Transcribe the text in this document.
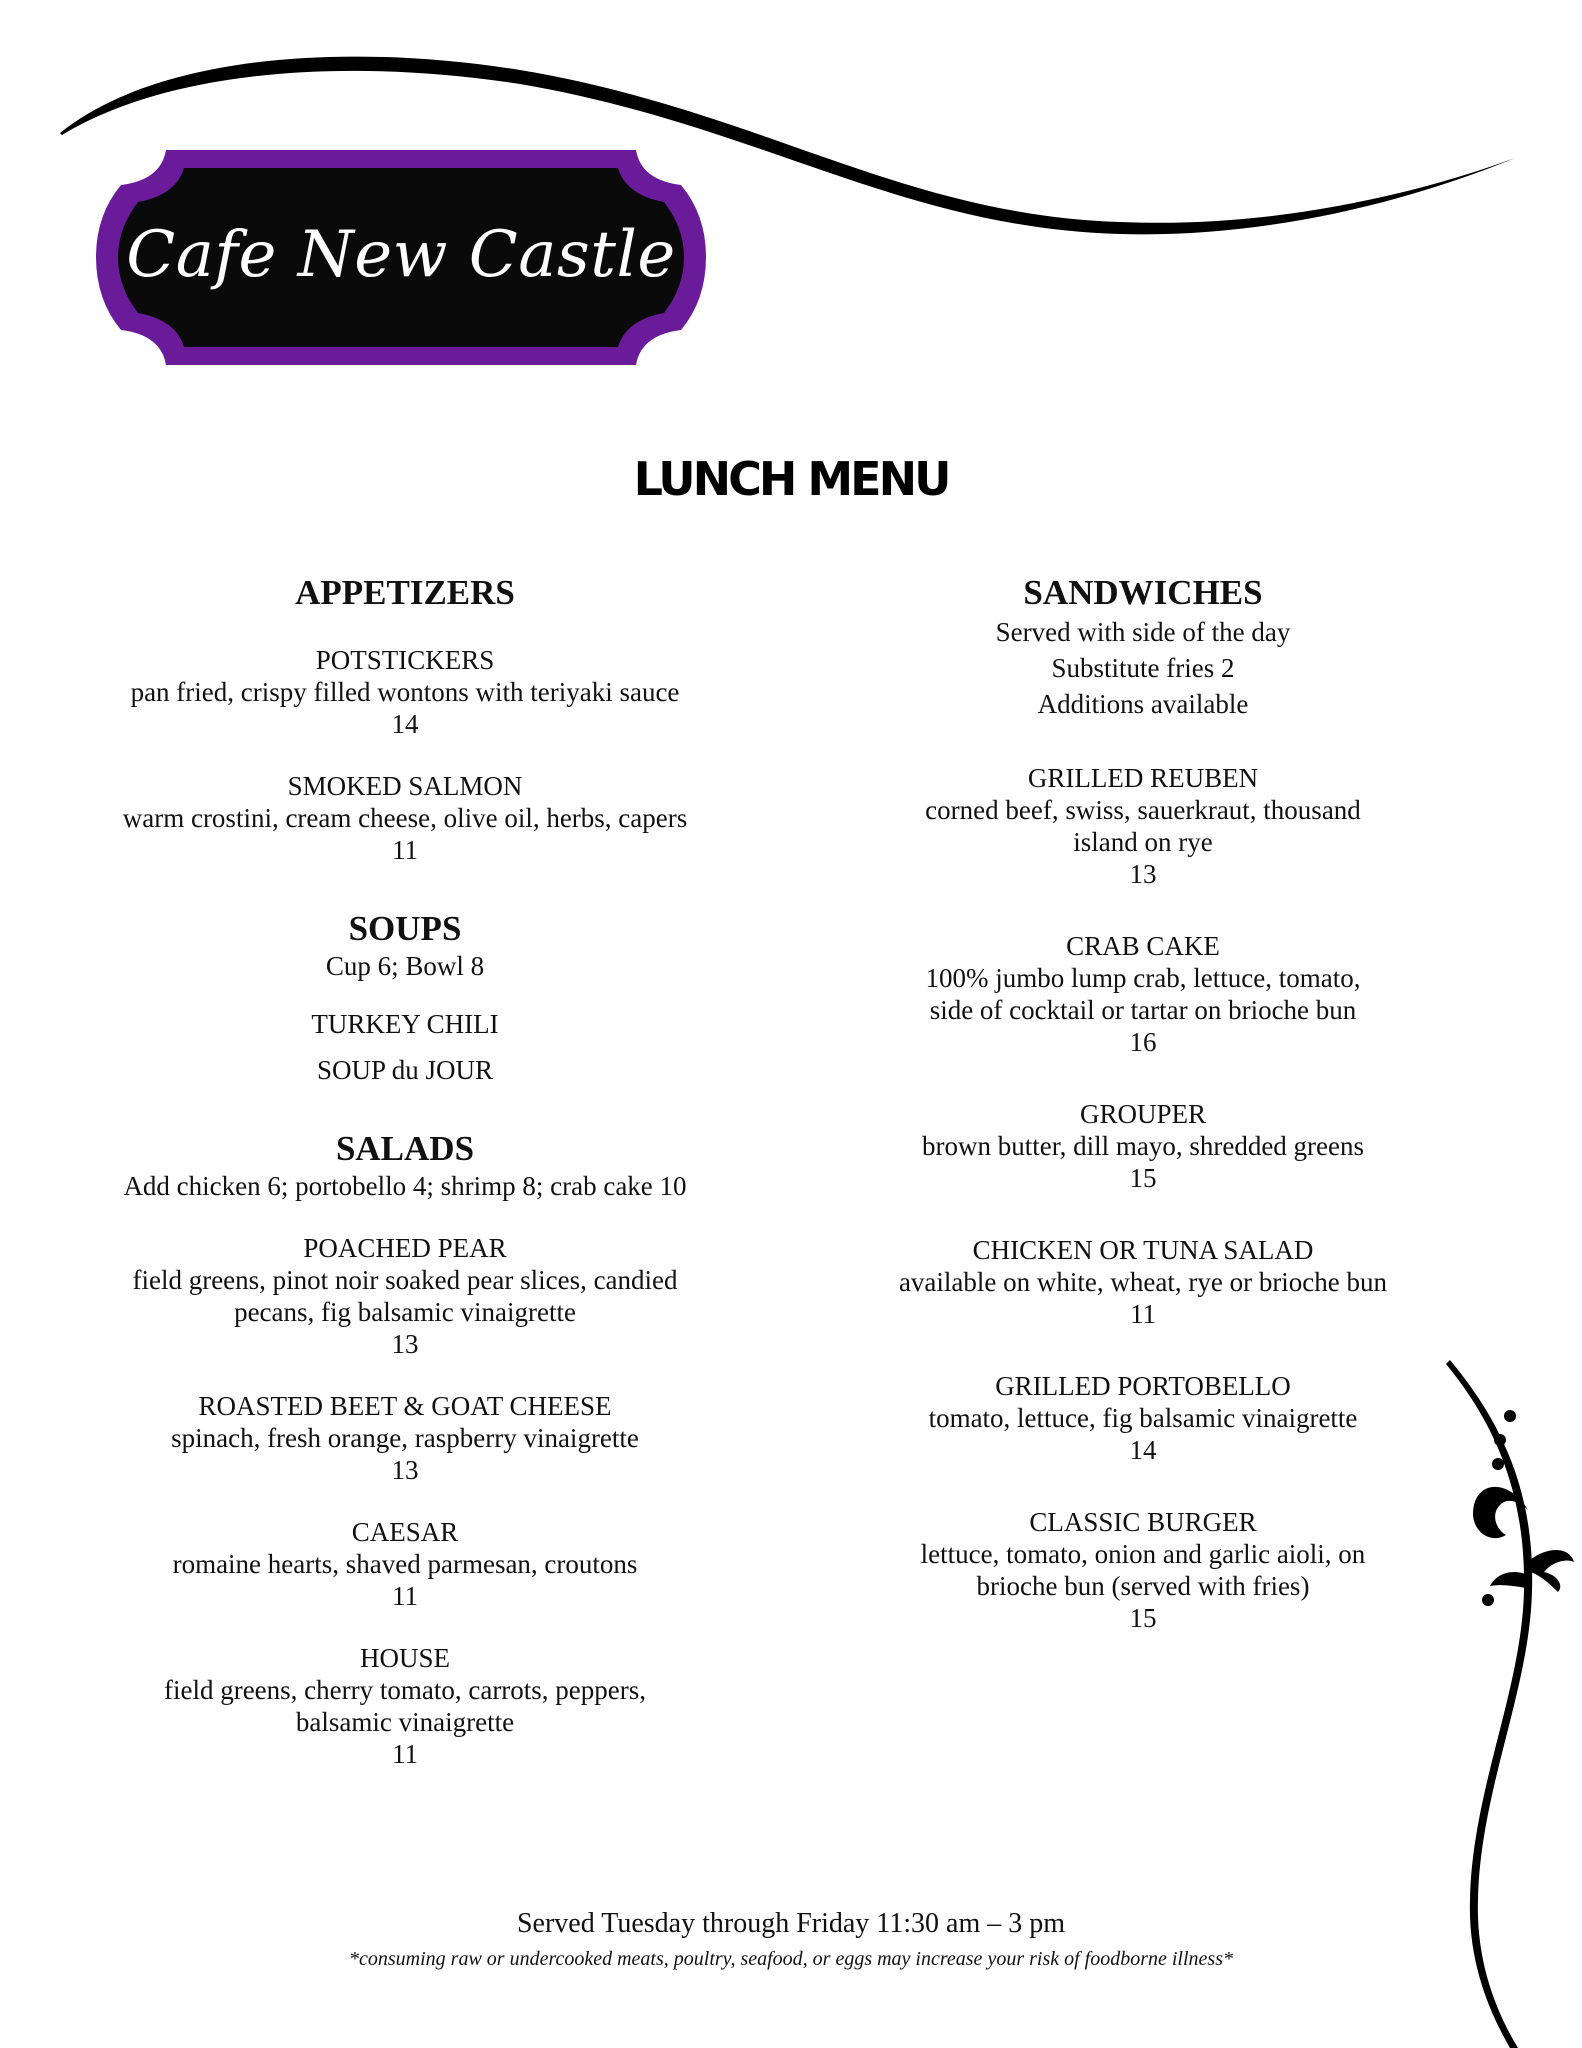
Cafe New Castle
LUNCH MENU

APPETIZERS

POTSTICKERS

pan fried, crispy filled wontons with teriyaki sauce

14

SMOKED SALMON

warm crostini, cream cheese, olive oil, herbs, capers

11

SOUPS

Cup 6; Bowl 8

TURKEY CHILI

SOUP du JOUR

SALADS

Add chicken 6; portobello 4; shrimp 8; crab cake 10

POACHED PEAR

field greens, pinot noir soaked pear slices, candied

pecans, fig balsamic vinaigrette

13

ROASTED BEET & GOAT CHEESE

spinach, fresh orange, raspberry vinaigrette

13

CAESAR

romaine hearts, shaved parmesan, croutons

11

HOUSE

field greens, cherry tomato, carrots, peppers,

balsamic vinaigrette

11

SANDWICHES

Served with side of the day

Substitute fries 2

Additions available

GRILLED REUBEN

corned beef, swiss, sauerkraut, thousand

island on rye

13

CRAB CAKE

100% jumbo lump crab, lettuce, tomato,

side of cocktail or tartar on brioche bun

16

GROUPER

brown butter, dill mayo, shredded greens

15

CHICKEN OR TUNA SALAD

available on white, wheat, rye or brioche bun

11

GRILLED PORTOBELLO

tomato, lettuce, fig balsamic vinaigrette

14

CLASSIC BURGER

lettuce, tomato, onion and garlic aioli, on

brioche bun (served with fries)

15

Served Tuesday through Friday 11:30 am – 3 pm

*consuming raw or undercooked meats, poultry, seafood, or eggs may increase your risk of foodborne illness*
